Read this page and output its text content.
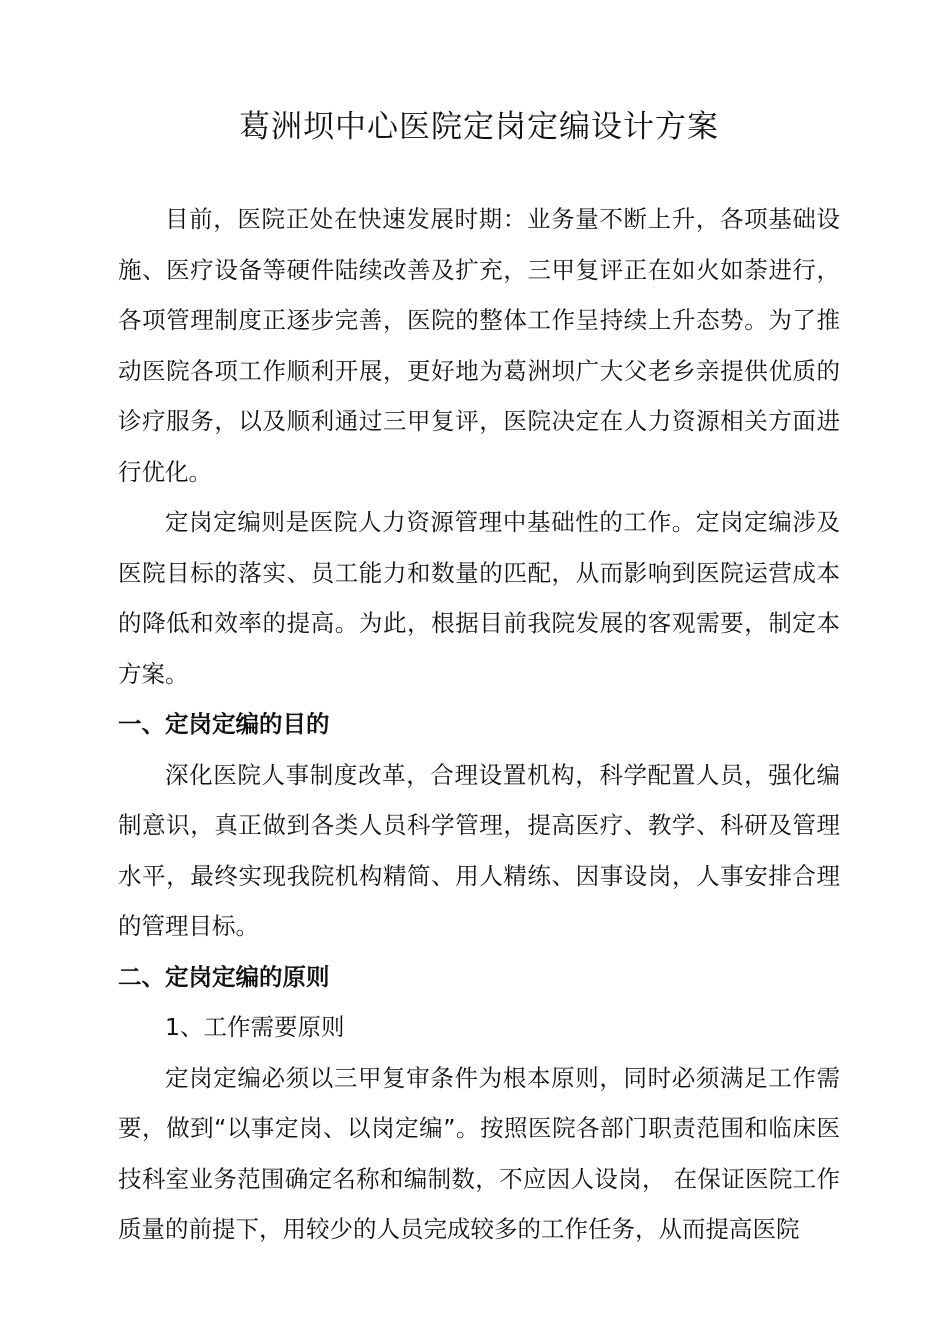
葛洲坝中心医院定岗定编设计方案

目前，医院正处在快速发展时期：业务量不断上升，各项基础设施、医疗设备等硬件陆续改善及扩充，三甲复评正在如火如荼进行，各项管理制度正逐步完善，医院的整体工作呈持续上升态势。为了推动医院各项工作顺利开展，更好地为葛洲坝广大父老乡亲提供优质的诊疗服务，以及顺利通过三甲复评，医院决定在人力资源相关方面进行优化。

定岗定编则是医院人力资源管理中基础性的工作。定岗定编涉及医院目标的落实、员工能力和数量的匹配，从而影响到医院运营成本的降低和效率的提高。为此，根据目前我院发展的客观需要，制定本方案。

一、定岗定编的目的

深化医院人事制度改革，合理设置机构，科学配置人员，强化编制意识，真正做到各类人员科学管理，提高医疗、教学、科研及管理水平，最终实现我院机构精简、用人精练、因事设岗，人事安排合理的管理目标。

二、定岗定编的原则

1、工作需要原则

定岗定编必须以三甲复审条件为根本原则，同时必须满足工作需要，做到“以事定岗、以岗定编”。按照医院各部门职责范围和临床医技科室业务范围确定名称和编制数，不应因人设岗， 在保证医院工作质量的前提下，用较少的人员完成较多的工作任务，从而提高医院
